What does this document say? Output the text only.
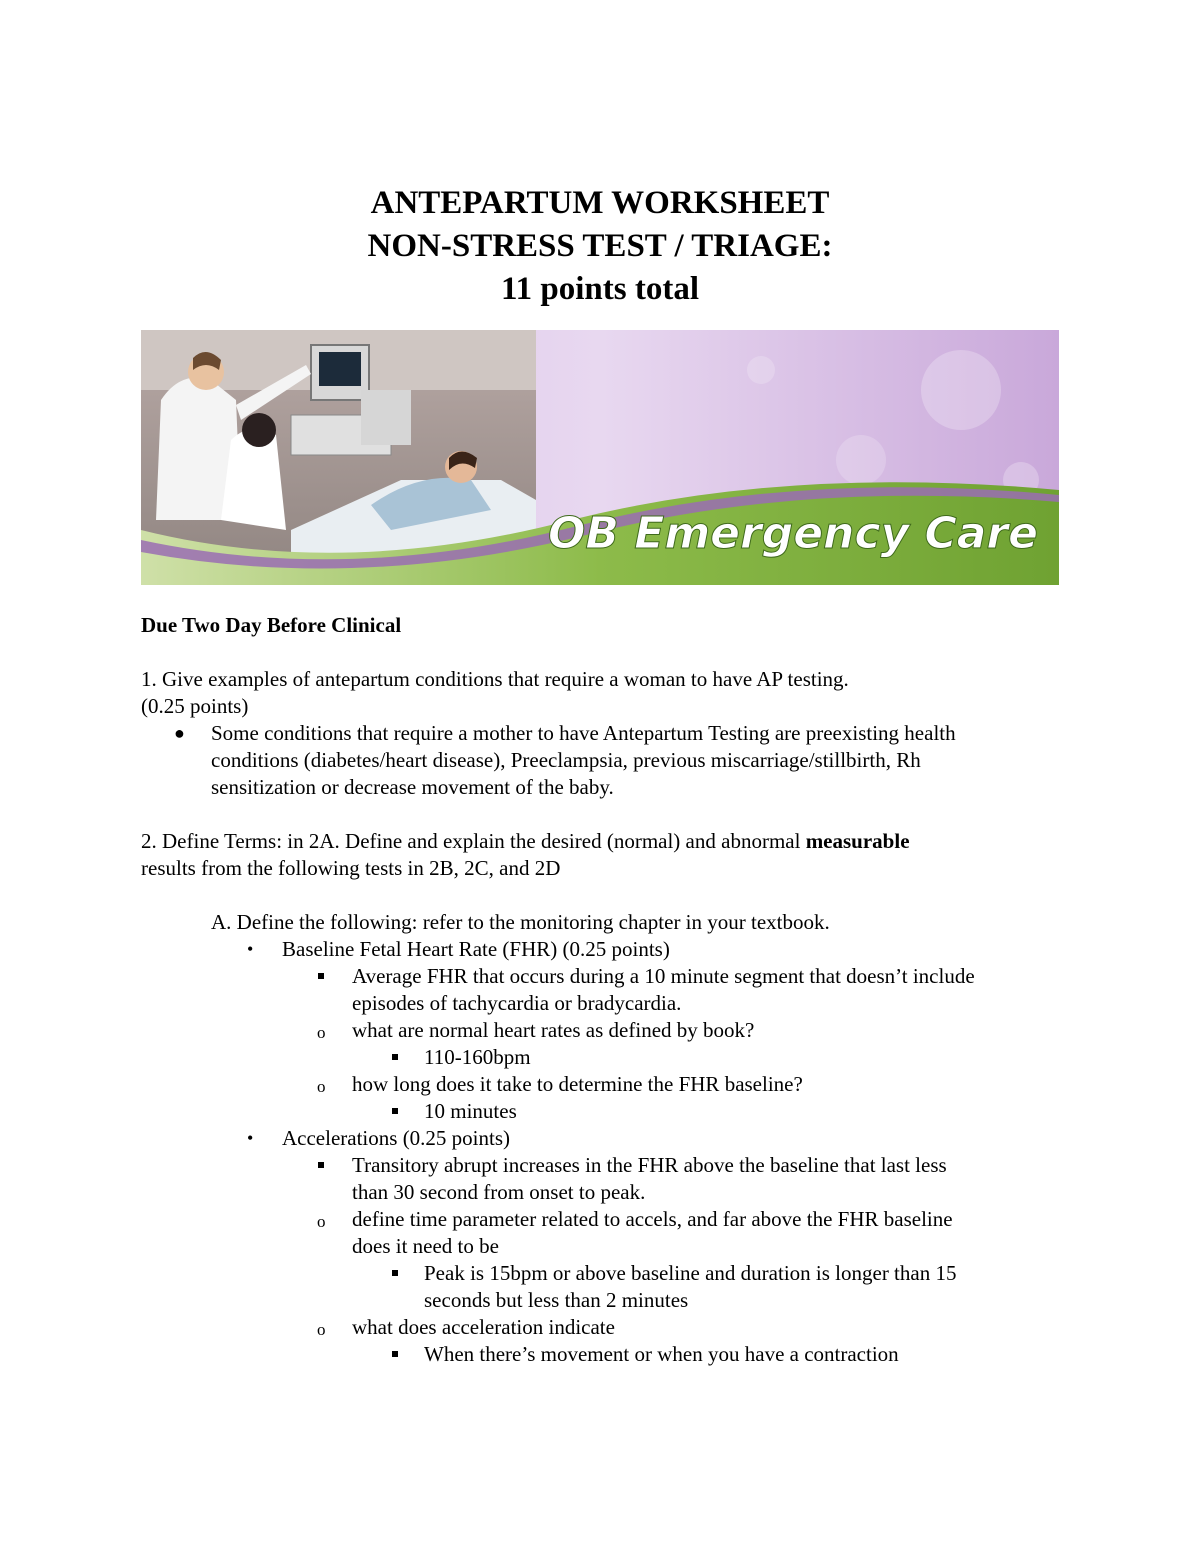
ANTEPARTUM WORKSHEET
NON-STRESS TEST / TRIAGE:
11 points total
OB Emergency Care
Due Two Day Before Clinical
1. Give examples of antepartum conditions that require a woman to have AP testing.
(0.25 points)
● Some conditions that require a mother to have Antepartum Testing are preexisting health
conditions (diabetes/heart disease), Preeclampsia, previous miscarriage/stillbirth, Rh
sensitization or decrease movement of the baby.
2. Define Terms: in 2A. Define and explain the desired (normal) and abnormal measurable
results from the following tests in 2B, 2C, and 2D
A. Define the following: refer to the monitoring chapter in your textbook.
• Baseline Fetal Heart Rate (FHR) (0.25 points)
Average FHR that occurs during a 10 minute segment that doesn’t include
episodes of tachycardia or bradycardia.
o what are normal heart rates as defined by book?
110-160bpm
o how long does it take to determine the FHR baseline?
10 minutes
• Accelerations (0.25 points)
Transitory abrupt increases in the FHR above the baseline that last less
than 30 second from onset to peak.
o define time parameter related to accels, and far above the FHR baseline
does it need to be
Peak is 15bpm or above baseline and duration is longer than 15
seconds but less than 2 minutes
o what does acceleration indicate
When there’s movement or when you have a contraction
